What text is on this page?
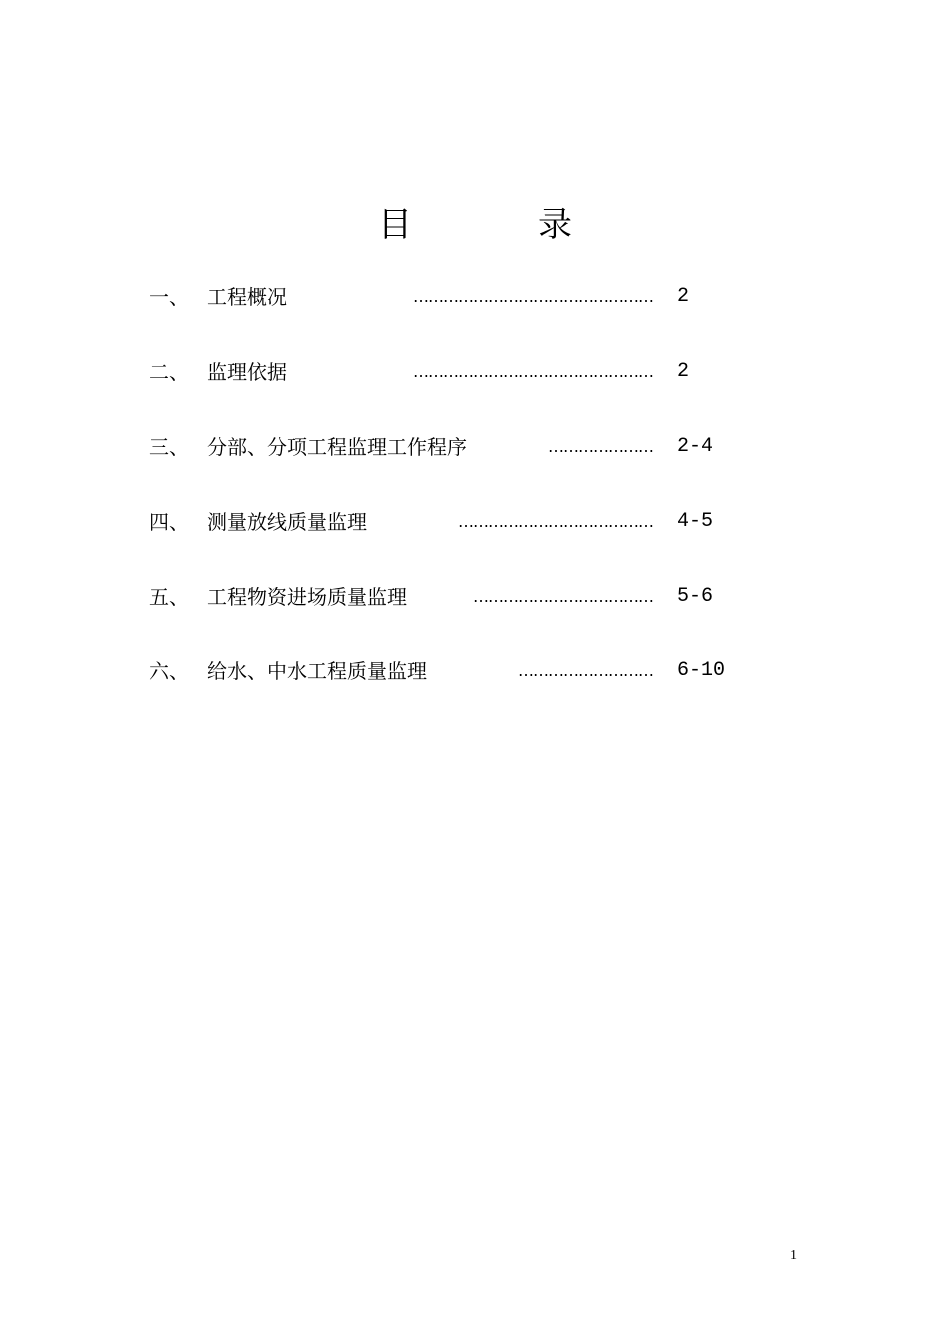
目　录
一、 工程概况	………………………………………… 2
二、 监理依据	………………………………………… 2
三、 分部、分项工程监理工作程序	………………… 2-4
四、 测量放线质量监理	………………………………… 4-5
五、 工程物资进场质量监理	……………………………… 5-6
六、 给水、中水工程质量监理	……………………… 6-10
1
